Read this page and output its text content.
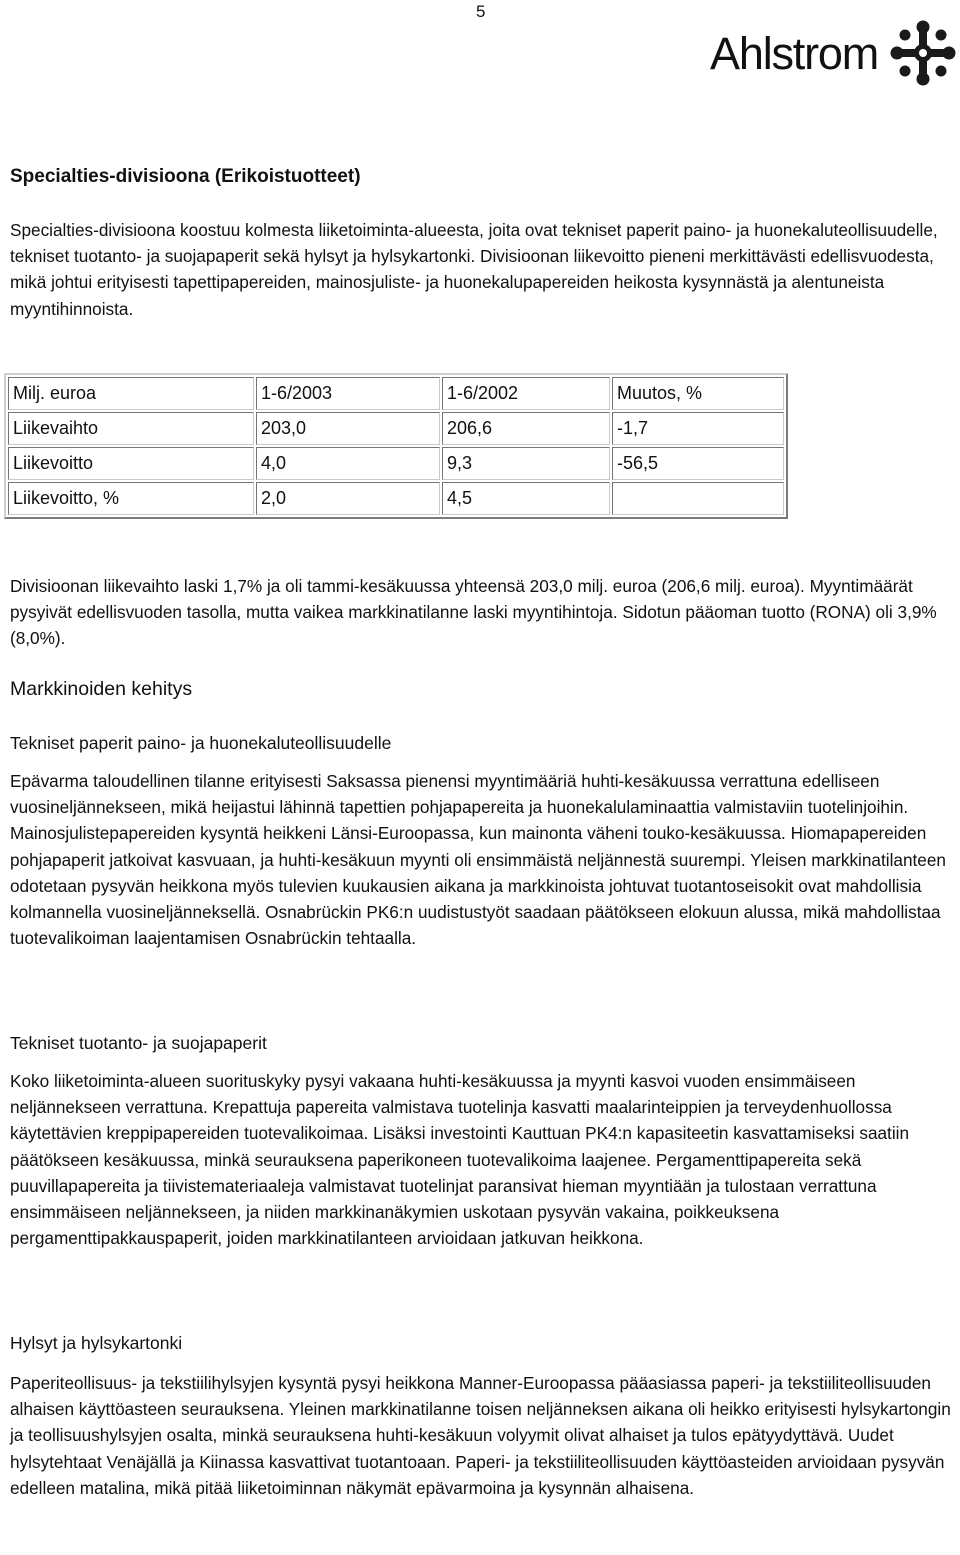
5
Ahlstrom
Specialties-divisioona (Erikoistuotteet)

Specialties-divisioona koostuu kolmesta liiketoiminta-alueesta, joita ovat tekniset paperit paino- ja huonekaluteollisuudelle, tekniset tuotanto- ja suojapaperit sekä hylsyt ja hylsykartonki. Divisioonan liikevoitto pieneni merkittävästi edellisvuodesta, mikä johtui erityisesti tapettipapereiden, mainosjuliste- ja huonekalupapereiden heikosta kysynnästä ja alentuneista myyntihinnoista.

Milj. euroa	1-6/2003	1-6/2002	Muutos, %
Liikevaihto	203,0	206,6	-1,7
Liikevoitto	4,0	9,3	-56,5
Liikevoitto, %	2,0	4,5	

Divisioonan liikevaihto laski 1,7% ja oli tammi-kesäkuussa yhteensä 203,0 milj. euroa (206,6 milj. euroa). Myyntimäärät pysyivät edellisvuoden tasolla, mutta vaikea markkinatilanne laski myyntihintoja. Sidotun pääoman tuotto (RONA) oli 3,9% (8,0%).

Markkinoiden kehitys

Tekniset paperit paino- ja huonekaluteollisuudelle

Epävarma taloudellinen tilanne erityisesti Saksassa pienensi myyntimääriä huhti-kesäkuussa verrattuna edelliseen vuosineljännekseen, mikä heijastui lähinnä tapettien pohjapapereita ja huonekalulaminaattia valmistaviin tuotelinjoihin. Mainosjulistepapereiden kysyntä heikkeni Länsi-Euroopassa, kun mainonta väheni touko-kesäkuussa. Hiomapapereiden pohjapaperit jatkoivat kasvuaan, ja huhti-kesäkuun myynti oli ensimmäistä neljännestä suurempi. Yleisen markkinatilanteen odotetaan pysyvän heikkona myös tulevien kuukausien aikana ja markkinoista johtuvat tuotantoseisokit ovat mahdollisia kolmannella vuosineljänneksellä. Osnabrückin PK6:n uudistustyöt saadaan päätökseen elokuun alussa, mikä mahdollistaa tuotevalikoiman laajentamisen Osnabrückin tehtaalla.

Tekniset tuotanto- ja suojapaperit

Koko liiketoiminta-alueen suorituskyky pysyi vakaana huhti-kesäkuussa ja myynti kasvoi vuoden ensimmäiseen neljännekseen verrattuna. Krepattuja papereita valmistava tuotelinja kasvatti maalarinteippien ja terveydenhuollossa käytettävien kreppipapereiden tuotevalikoimaa. Lisäksi investointi Kauttuan PK4:n kapasiteetin kasvattamiseksi saatiin päätökseen kesäkuussa, minkä seurauksena paperikoneen tuotevalikoima laajenee. Pergamenttipapereita sekä puuvillapapereita ja tiivistemateriaaleja valmistavat tuotelinjat paransivat hieman myyntiään ja tulostaan verrattuna ensimmäiseen neljännekseen, ja niiden markkinanäkymien uskotaan pysyvän vakaina, poikkeuksena pergamenttipakkauspaperit, joiden markkinatilanteen arvioidaan jatkuvan heikkona.

Hylsyt ja hylsykartonki

Paperiteollisuus- ja tekstiilihylsyjen kysyntä pysyi heikkona Manner-Euroopassa pääasiassa paperi- ja tekstiiliteollisuuden alhaisen käyttöasteen seurauksena. Yleinen markkinatilanne toisen neljänneksen aikana oli heikko erityisesti hylsykartongin ja teollisuushylsyjen osalta, minkä seurauksena huhti-kesäkuun volyymit olivat alhaiset ja tulos epätyydyttävä. Uudet hylsytehtaat Venäjällä ja Kiinassa kasvattivat tuotantoaan. Paperi- ja tekstiiliteollisuuden käyttöasteiden arvioidaan pysyvän edelleen matalina, mikä pitää liiketoiminnan näkymät epävarmoina ja kysynnän alhaisena.
